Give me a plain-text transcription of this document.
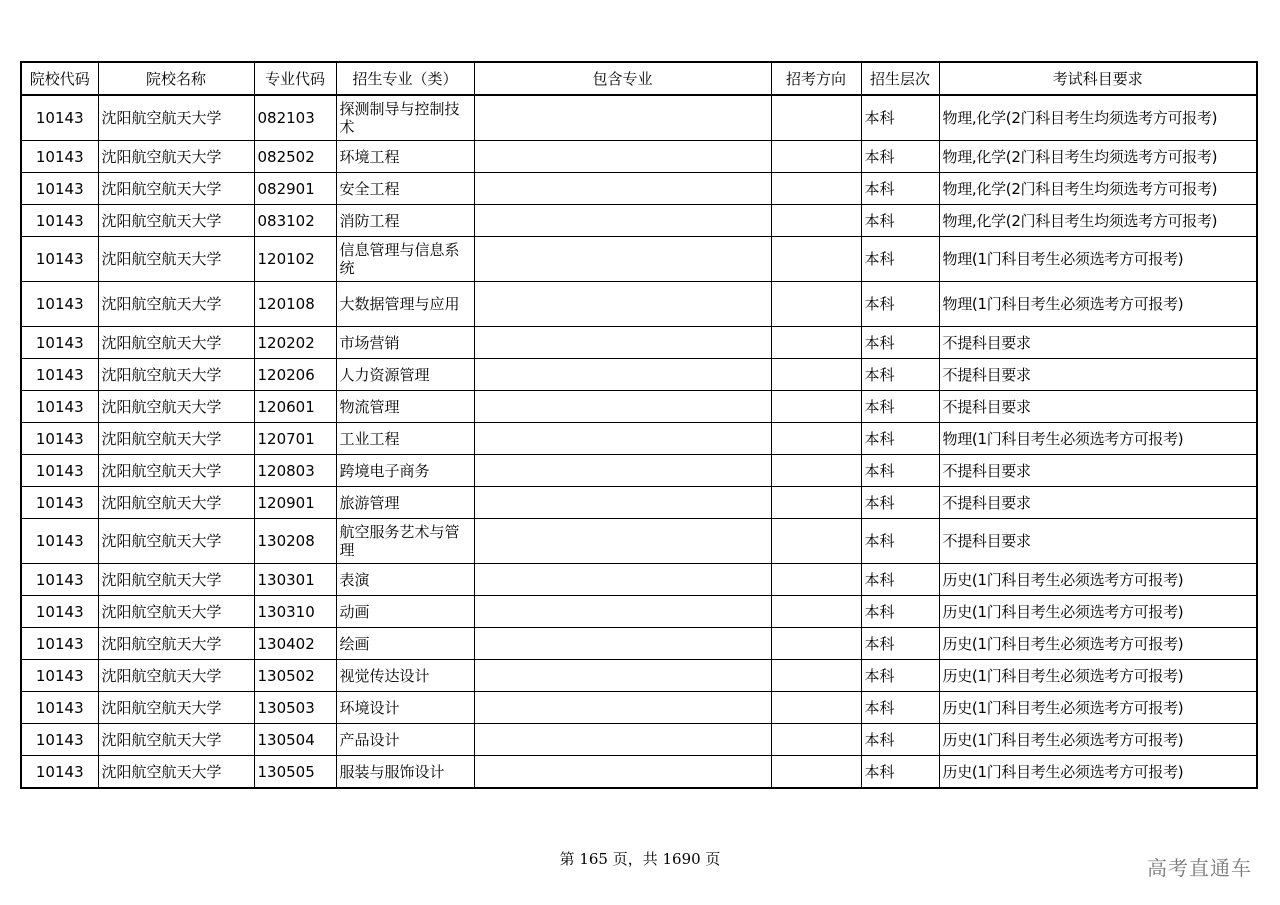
院校代码	院校名称	专业代码	招生专业（类）	包含专业	招考方向	招生层次	考试科目要求
10143	沈阳航空航天大学	082103	探测制导与控制技术			本科	物理,化学(2门科目考生均须选考方可报考)
10143	沈阳航空航天大学	082502	环境工程			本科	物理,化学(2门科目考生均须选考方可报考)
10143	沈阳航空航天大学	082901	安全工程			本科	物理,化学(2门科目考生均须选考方可报考)
10143	沈阳航空航天大学	083102	消防工程			本科	物理,化学(2门科目考生均须选考方可报考)
10143	沈阳航空航天大学	120102	信息管理与信息系统			本科	物理(1门科目考生必须选考方可报考)
10143	沈阳航空航天大学	120108	大数据管理与应用			本科	物理(1门科目考生必须选考方可报考)
10143	沈阳航空航天大学	120202	市场营销			本科	不提科目要求
10143	沈阳航空航天大学	120206	人力资源管理			本科	不提科目要求
10143	沈阳航空航天大学	120601	物流管理			本科	不提科目要求
10143	沈阳航空航天大学	120701	工业工程			本科	物理(1门科目考生必须选考方可报考)
10143	沈阳航空航天大学	120803	跨境电子商务			本科	不提科目要求
10143	沈阳航空航天大学	120901	旅游管理			本科	不提科目要求
10143	沈阳航空航天大学	130208	航空服务艺术与管理			本科	不提科目要求
10143	沈阳航空航天大学	130301	表演			本科	历史(1门科目考生必须选考方可报考)
10143	沈阳航空航天大学	130310	动画			本科	历史(1门科目考生必须选考方可报考)
10143	沈阳航空航天大学	130402	绘画			本科	历史(1门科目考生必须选考方可报考)
10143	沈阳航空航天大学	130502	视觉传达设计			本科	历史(1门科目考生必须选考方可报考)
10143	沈阳航空航天大学	130503	环境设计			本科	历史(1门科目考生必须选考方可报考)
10143	沈阳航空航天大学	130504	产品设计			本科	历史(1门科目考生必须选考方可报考)
10143	沈阳航空航天大学	130505	服装与服饰设计			本科	历史(1门科目考生必须选考方可报考)
第 165 页，共 1690 页	高考直通车
